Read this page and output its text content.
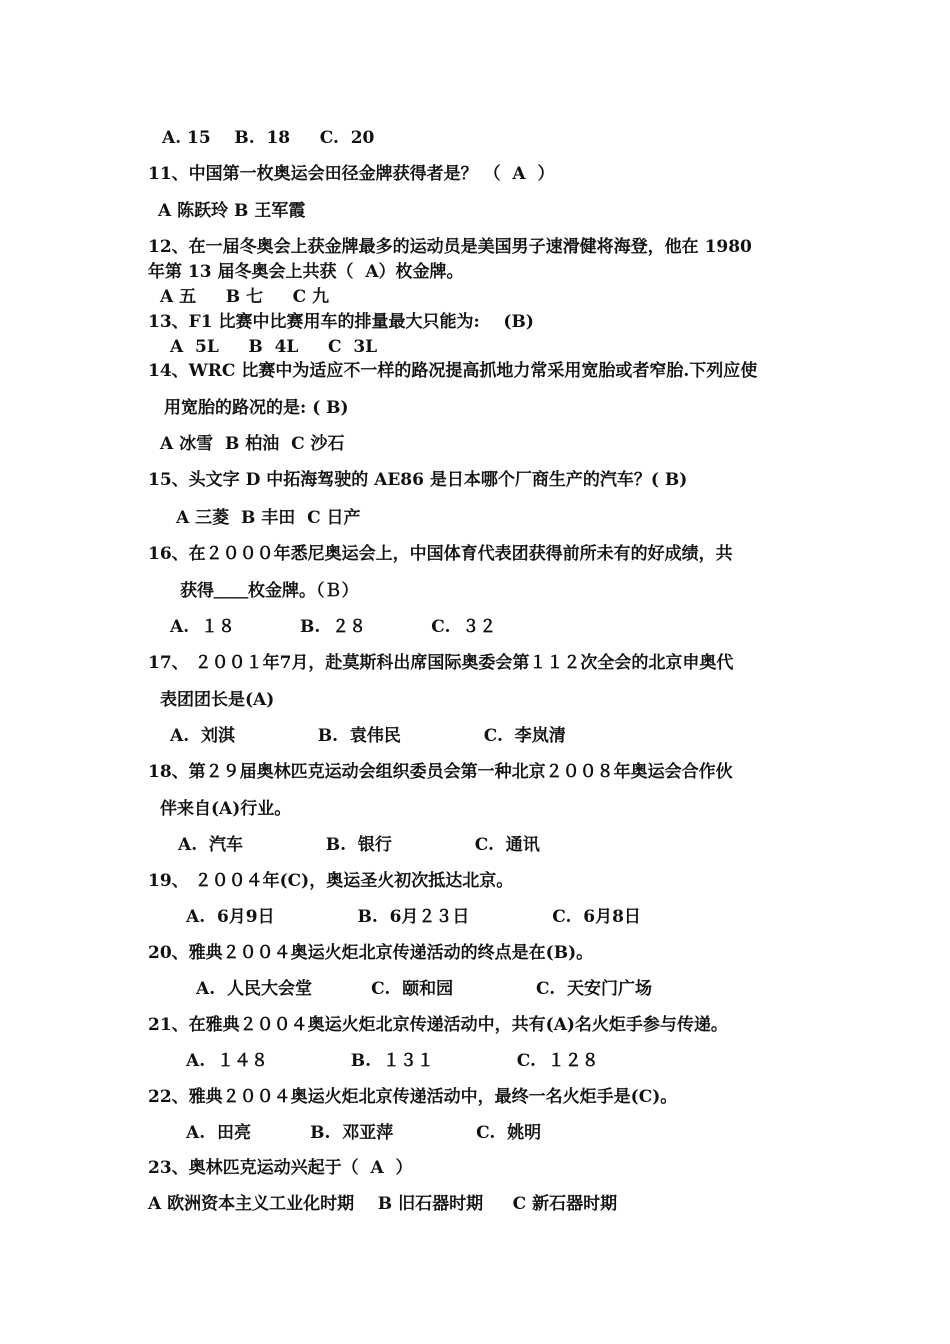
A. 15    B.  18     C.  20
11、中国第一枚奥运会田径金牌获得者是？ （  A  ）
A 陈跃玲 B 王军霞
12、在一届冬奥会上获金牌最多的运动员是美国男子速滑健将海登，他在 1980
年第 13 届冬奥会上共获（  A）枚金牌。
A 五     B 七     C 九
13、F1 比赛中比赛用车的排量最大只能为:    (B)
A  5L     B  4L     C  3L
14、WRC 比赛中为适应不一样的路况提高抓地力常采用宽胎或者窄胎.下列应使
用宽胎的路况的是: ( B)
A 冰雪  B 柏油  C 沙石
15、头文字 D 中拓海驾驶的 AE86 是日本哪个厂商生产的汽车？( B)
A 三菱  B 丰田  C 日产
16、在２０００年悉尼奥运会上，中国体育代表团获得前所未有的好成绩，共
获得＿＿枚金牌。（Ｂ）
A.  １８           B.  ２８           C.  ３２
17、 ２００１年7月，赴莫斯科出席国际奥委会第１１２次全会的北京申奥代
表团团长是(A)
A.  刘淇              B.  袁伟民              C.  李岚清
18、第２９届奥林匹克运动会组织委员会第一种北京２００８年奥运会合作伙
伴来自(A)行业。
A.  汽车              B.  银行              C.  通讯
19、 ２００４年(C)，奥运圣火初次抵达北京。
A.  6月9日              B.  6月２３日              C.  6月8日
20、雅典２００４奥运火炬北京传递活动的终点是在(B)。
A.  人民大会堂          C.  颐和园              C.  天安门广场
21、在雅典２００４奥运火炬北京传递活动中，共有(A)名火炬手参与传递。
A.  １４８              B.  １３１              C.  １２８
22、雅典２００４奥运火炬北京传递活动中，最终一名火炬手是(C)。
A.  田亮          B.  邓亚萍              C.  姚明
23、奥林匹克运动兴起于（  A  ）
A 欧洲资本主义工业化时期    B 旧石器时期     C 新石器时期
